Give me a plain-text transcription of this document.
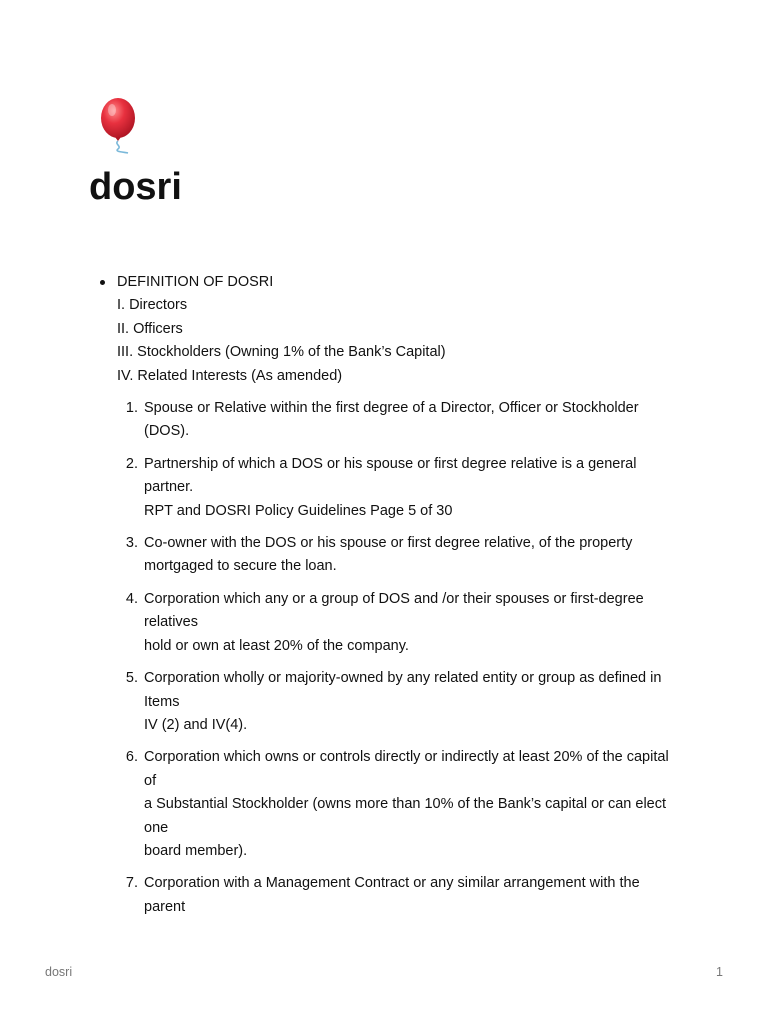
dosri
DEFINITION OF DOSRI
I. Directors
II. Officers
III. Stockholders (Owning 1% of the Bank’s Capital)
IV. Related Interests (As amended)
1. Spouse or Relative within the first degree of a Director, Officer or Stockholder (DOS).
2. Partnership of which a DOS or his spouse or first degree relative is a general partner.
RPT and DOSRI Policy Guidelines Page 5 of 30
3. Co-owner with the DOS or his spouse or first degree relative, of the property mortgaged to secure the loan.
4. Corporation which any or a group of DOS and /or their spouses or first-degree relatives
hold or own at least 20% of the company.
5. Corporation wholly or majority-owned by any related entity or group as defined in Items
IV (2) and IV(4).
6. Corporation which owns or controls directly or indirectly at least 20% of the capital of
a Substantial Stockholder (owns more than 10% of the Bank’s capital or can elect one
board member).
7. Corporation with a Management Contract or any similar arrangement with the parent
dosri	1
